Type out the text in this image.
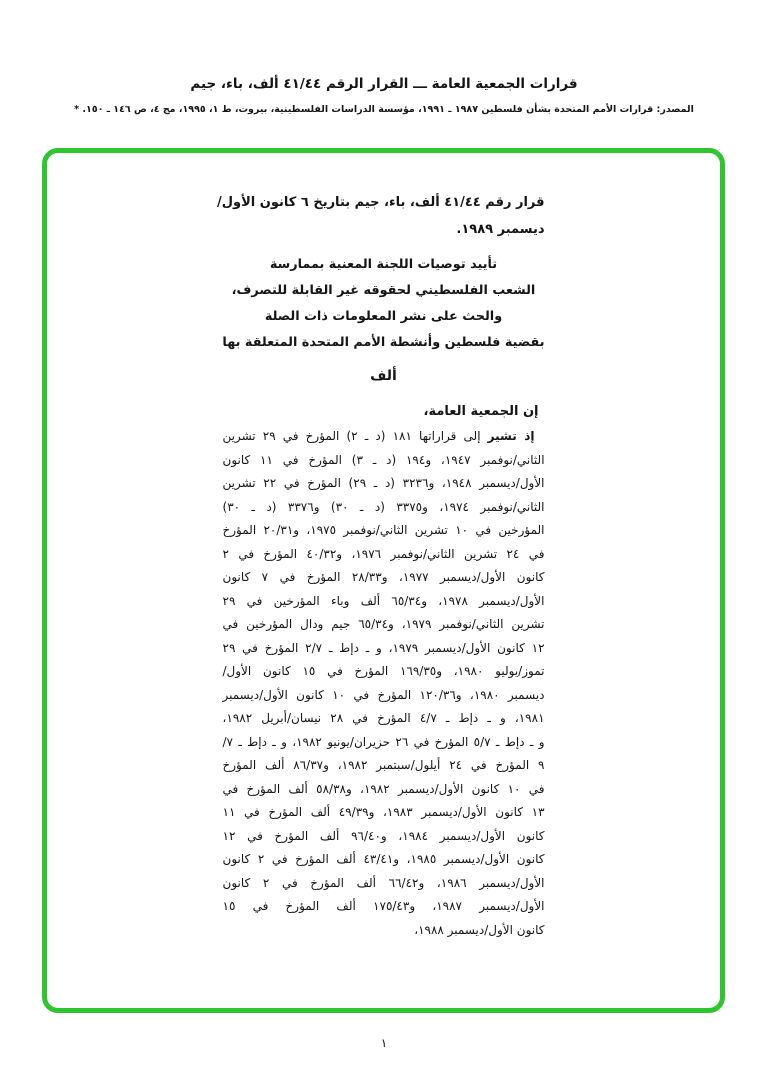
قرارات الجمعية العامة ـــ القرار الرقم ٤١/٤٤ ألف، باء، جيم
المصدر: قرارات الأمم المتحدة بشأن فلسطين ١٩٨٧ ـ ١٩٩١، مؤسسة الدراسات الفلسطينية، بيروت، ط ١، ١٩٩٥، مج ٤، ص ١٤٦ ـ ١٥٠. *
قرار رقم ٤١/٤٤ ألف، باء، جيم بتاريخ ٦ كانون الأول/
ديسمبر ١٩٨٩.
تأييد توصيات اللجنة المعنية بممارسة
الشعب الفلسطيني لحقوقه غير القابلة للتصرف،
والحث على نشر المعلومات ذات الصلة
بقضية فلسطين وأنشطة الأمم المتحدة المتعلقة بها
ألف
إن الجمعية العامة،
إذ تشير إلى قراراتها ١٨١ (د ـ ٢) المؤرخ في ٢٩ تشرين
الثاني/نوفمبر ١٩٤٧، و١٩٤ (د ـ ٣) المؤرخ في ١١ كانون
الأول/ديسمبر ١٩٤٨، و٣٢٣٦ (د ـ ٢٩) المؤرخ في ٢٢ تشرين
الثاني/نوفمبر ١٩٧٤، و٣٣٧٥ (د ـ ٣٠) و٣٣٧٦ (د ـ ٣٠)
المؤرخين في ١٠ تشرين الثاني/نوفمبر ١٩٧٥، و٢٠/٣١ المؤرخ
في ٢٤ تشرين الثاني/نوفمبر ١٩٧٦، و٤٠/٣٢ المؤرخ في ٢
كانون الأول/ديسمبر ١٩٧٧، و٢٨/٣٣ المؤرخ في ٧ كانون
الأول/ديسمبر ١٩٧٨، و٦٥/٣٤ ألف وباء المؤرخين في ٢٩
تشرين الثاني/نوفمبر ١٩٧٩، و٦٥/٣٤ جيم ودال المؤرخين في
١٢ كانون الأول/ديسمبر ١٩٧٩، و ـ دإط ـ ٢/٧ المؤرخ في ٢٩
تموز/يوليو ١٩٨٠، و١٦٩/٣٥ المؤرخ في ١٥ كانون الأول/
ديسمبر ١٩٨٠، و١٢٠/٣٦ المؤرخ في ١٠ كانون الأول/ديسمبر
١٩٨١، و ـ دإط ـ ٤/٧ المؤرخ في ٢٨ نيسان/أبريل ١٩٨٢،
و ـ دإط ـ ٥/٧ المؤرخ في ٢٦ حزيران/يونيو ١٩٨٢، و ـ دإط ـ ٧/
٩ المؤرخ في ٢٤ أيلول/سبتمبر ١٩٨٢، و٨٦/٣٧ ألف المؤرخ
في ١٠ كانون الأول/ديسمبر ١٩٨٢، و٥٨/٣٨ ألف المؤرخ في
١٣ كانون الأول/ديسمبر ١٩٨٣، و٤٩/٣٩ ألف المؤرخ في ١١
كانون الأول/ديسمبر ١٩٨٤، و٩٦/٤٠ ألف المؤرخ في ١٢
كانون الأول/ديسمبر ١٩٨٥، و٤٣/٤١ ألف المؤرخ في ٢ كانون
الأول/ديسمبر ١٩٨٦، و٦٦/٤٢ ألف المؤرخ في ٢ كانون
الأول/ديسمبر ١٩٨٧، و١٧٥/٤٣ ألف المؤرخ في ١٥
كانون الأول/ديسمبر ١٩٨٨،
١
